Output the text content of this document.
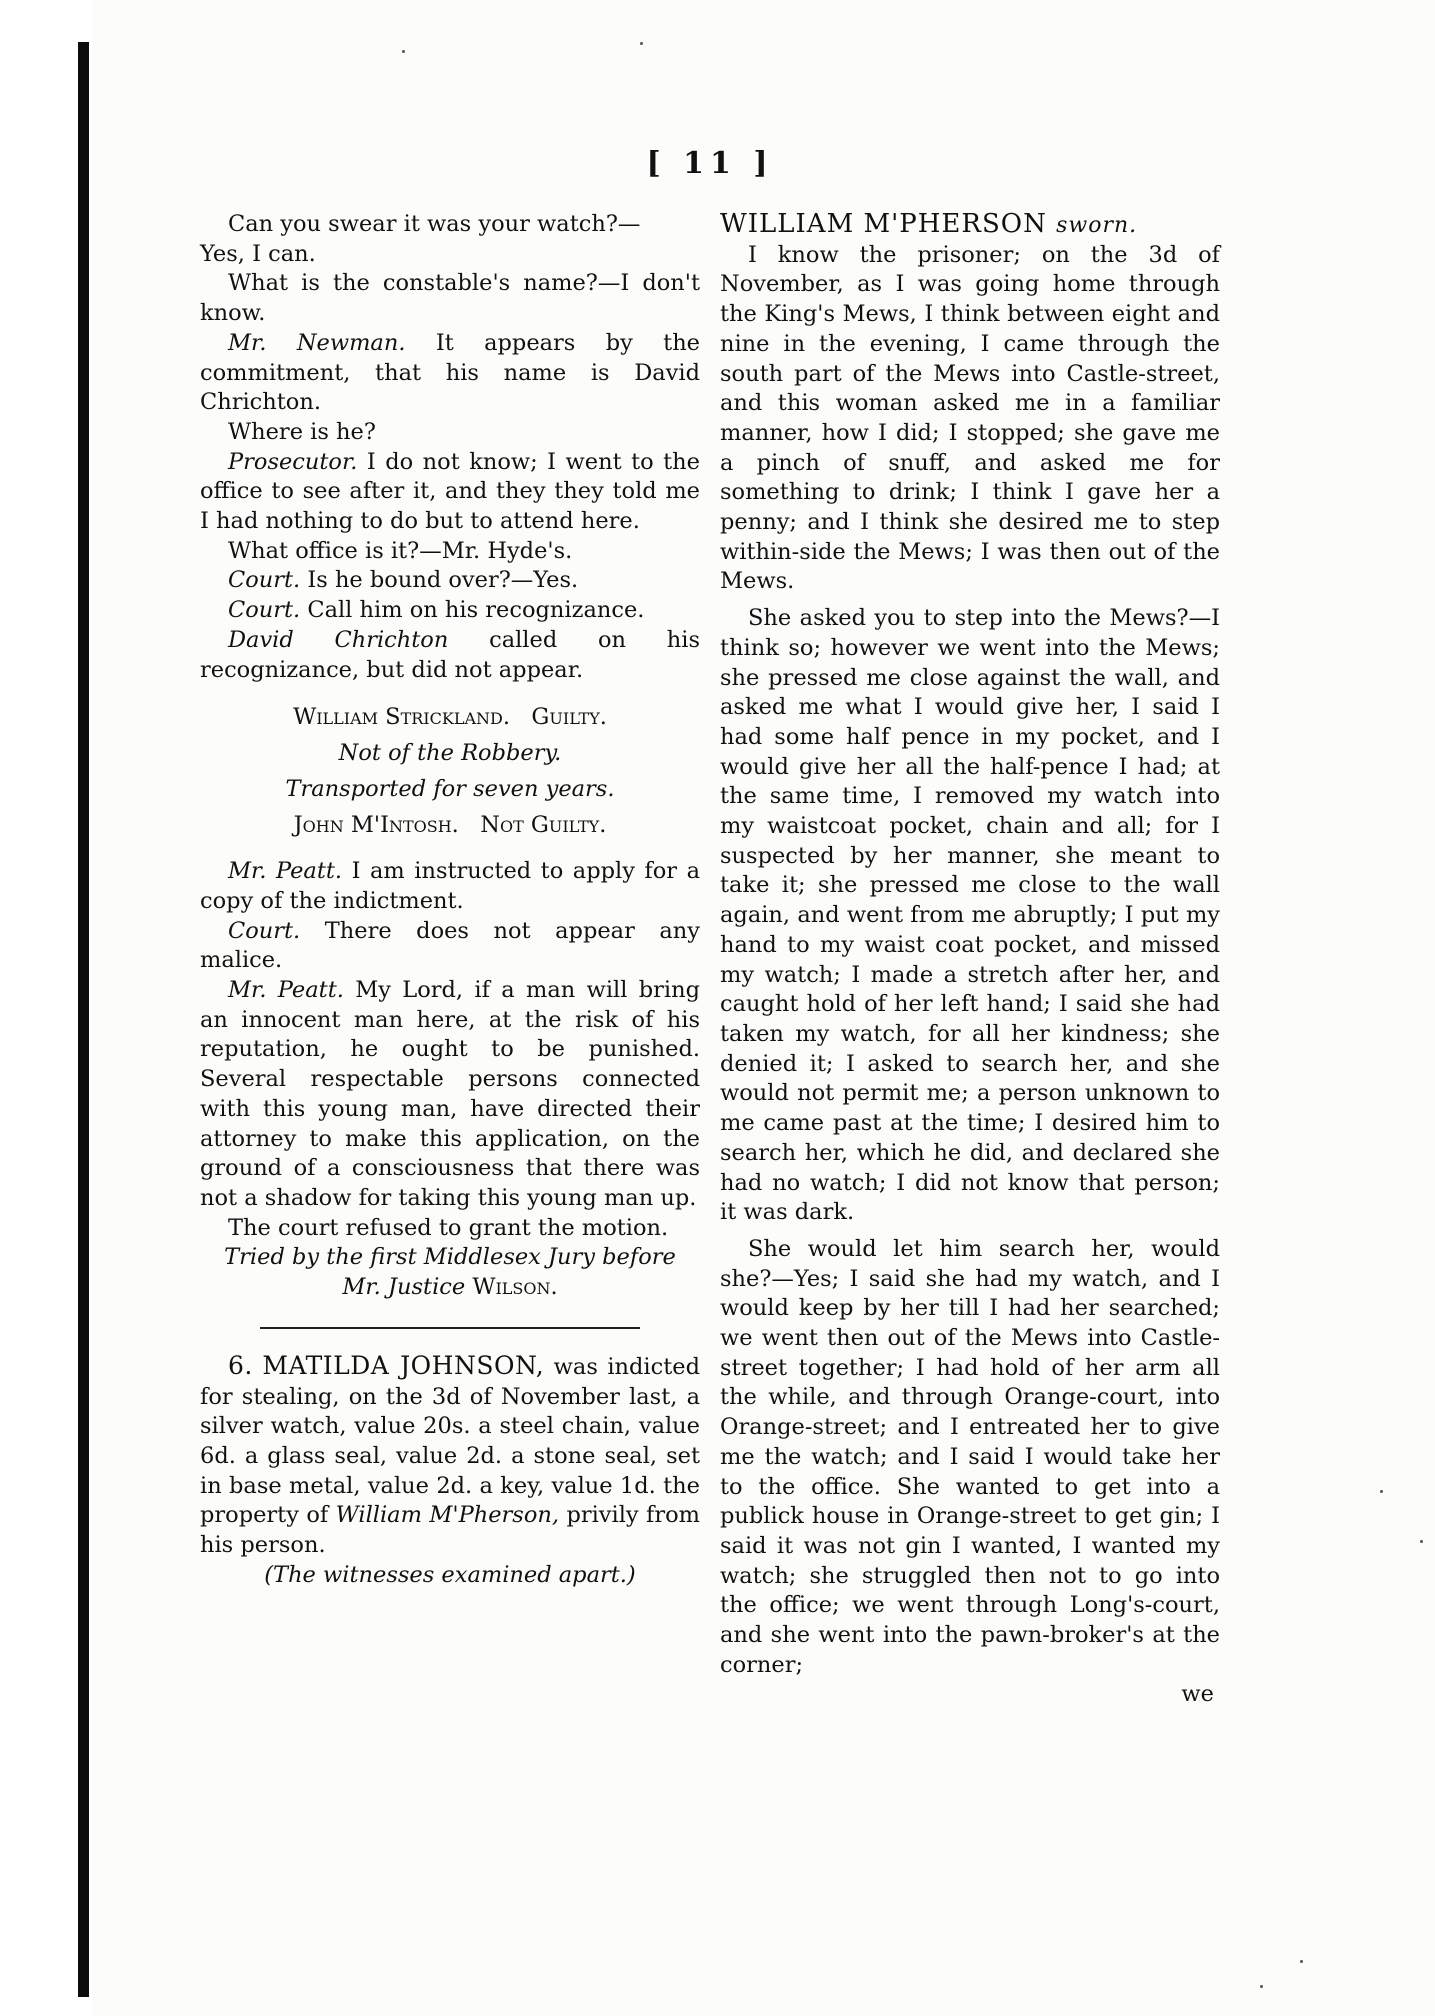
[ 11 ]

Can you swear it was your watch?—

Yes, I can.

What is the constable's name?—I don't know.

Mr. Newman. It appears by the commitment, that his name is David Chrichton.

Where is he?

Prosecutor. I do not know; I went to the office to see after it, and they they told me I had nothing to do but to attend here.

What office is it?—Mr. Hyde's.

Court. Is he bound over?—Yes.

Court. Call him on his recognizance.

David Chrichton called on his recognizance, but did not appear.

William Strickland.   Guilty.

Not of the Robbery.

Transported for seven years.

John M'Intosh.   Not Guilty.

Mr. Peatt. I am instructed to apply for a copy of the indictment.

Court. There does not appear any malice.

Mr. Peatt. My Lord, if a man will bring an innocent man here, at the risk of his reputation, he ought to be punished. Several respectable persons connected with this young man, have directed their attorney to make this application, on the ground of a consciousness that there was not a shadow for taking this young man up.

The court refused to grant the motion.

Tried by the first Middlesex Jury before

Mr. Justice Wilson.

6. MATILDA JOHNSON, was indicted for stealing, on the 3d of November last, a silver watch, value 20s. a steel chain, value 6d. a glass seal, value 2d. a stone seal, set in base metal, value 2d. a key, value 1d. the property of William M'Pherson, privily from his person.

(The witnesses examined apart.)

WILLIAM M'PHERSON sworn.

I know the prisoner; on the 3d of November, as I was going home through the King's Mews, I think between eight and nine in the evening, I came through the south part of the Mews into Castle-street, and this woman asked me in a familiar manner, how I did; I stopped; she gave me a pinch of snuff, and asked me for something to drink; I think I gave her a penny; and I think she desired me to step within-side the Mews; I was then out of the Mews.

She asked you to step into the Mews?—I think so; however we went into the Mews; she pressed me close against the wall, and asked me what I would give her, I said I had some half pence in my pocket, and I would give her all the half-pence I had; at the same time, I removed my watch into my waistcoat pocket, chain and all; for I suspected by her manner, she meant to take it; she pressed me close to the wall again, and went from me abruptly; I put my hand to my waist coat pocket, and missed my watch; I made a stretch after her, and caught hold of her left hand; I said she had taken my watch, for all her kindness; she denied it; I asked to search her, and she would not permit me; a person unknown to me came past at the time; I desired him to search her, which he did, and declared she had no watch; I did not know that person; it was dark.

She would let him search her, would she?—Yes; I said she had my watch, and I would keep by her till I had her searched; we went then out of the Mews into Castle-street together; I had hold of her arm all the while, and through Orange-court, into Orange-street; and I entreated her to give me the watch; and I said I would take her to the office. She wanted to get into a publick house in Orange-street to get gin; I said it was not gin I wanted, I wanted my watch; she struggled then not to go into the office; we went through Long's-court, and she went into the pawn-broker's at the corner;

we
